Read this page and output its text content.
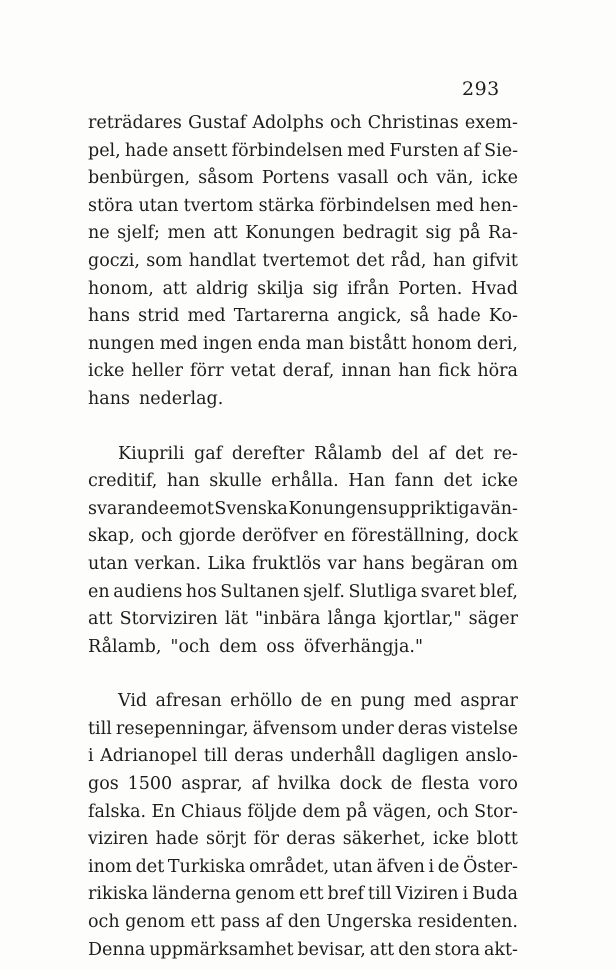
293
reträdares Gustaf Adolphs och Christinas exem-
pel, hade ansett förbindelsen med Fursten af Sie-
benbürgen, såsom Portens vasall och vän, icke
störa utan tvertom stärka förbindelsen med hen-
ne sjelf; men att Konungen bedragit sig på Ra-
goczi, som handlat tvertemot det råd, han gifvit
honom, att aldrig skilja sig ifrån Porten. Hvad
hans strid med Tartarerna angick, så hade Ko-
nungen med ingen enda man bistått honom deri,
icke heller förr vetat deraf, innan han fick höra
hans nederlag.
Kiuprili gaf derefter Rålamb del af det re-
creditif, han skulle erhålla. Han fann det icke
svarande emot Svenska Konungens uppriktiga vän-
skap, och gjorde deröfver en föreställning, dock
utan verkan. Lika fruktlös var hans begäran om
en audiens hos Sultanen sjelf. Slutliga svaret blef,
att Storviziren lät "inbära långa kjortlar," säger
Rålamb, "och dem oss öfverhängja."
Vid afresan erhöllo de en pung med asprar
till resepenningar, äfvensom under deras vistelse
i Adrianopel till deras underhåll dagligen anslo-
gos 1500 asprar, af hvilka dock de flesta voro
falska. En Chiaus följde dem på vägen, och Stor-
viziren hade sörjt för deras säkerhet, icke blott
inom det Turkiska området, utan äfven i de Öster-
rikiska länderna genom ett bref till Viziren i Buda
och genom ett pass af den Ungerska residenten.
Denna uppmärksamhet bevisar, att den stora akt-
